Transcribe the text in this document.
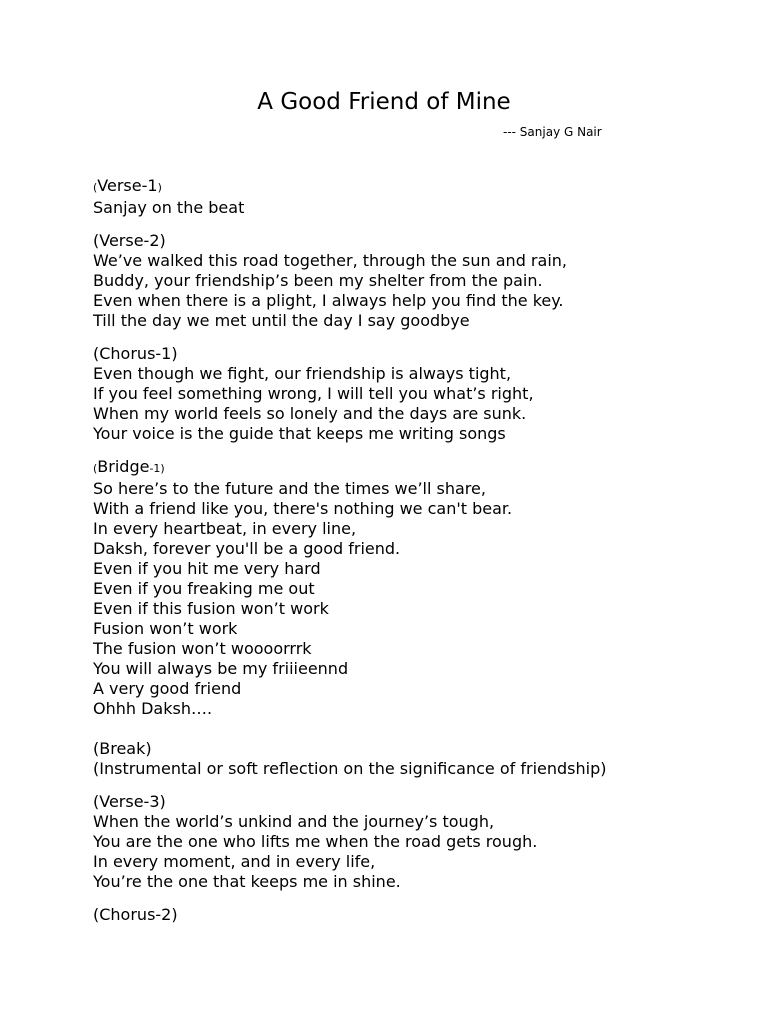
A Good Friend of Mine
--- Sanjay G Nair
(Verse-1)
Sanjay on the beat
(Verse-2)
We’ve walked this road together, through the sun and rain,
Buddy, your friendship’s been my shelter from the pain.
Even when there is a plight, I always help you find the key.
Till the day we met until the day I say goodbye
(Chorus-1)
Even though we fight, our friendship is always tight,
If you feel something wrong, I will tell you what’s right,
When my world feels so lonely and the days are sunk.
Your voice is the guide that keeps me writing songs
(Bridge-1)
So here’s to the future and the times we’ll share,
With a friend like you, there's nothing we can't bear.
In every heartbeat, in every line,
Daksh, forever you'll be a good friend.
Even if you hit me very hard
Even if you freaking me out
Even if this fusion won’t work
Fusion won’t work
The fusion won’t woooorrrk
You will always be my friiieennd
A very good friend
Ohhh Daksh….
(Break)
(Instrumental or soft reflection on the significance of friendship)
(Verse-3)
When the world’s unkind and the journey’s tough,
You are the one who lifts me when the road gets rough.
In every moment, and in every life,
You’re the one that keeps me in shine.
(Chorus-2)
